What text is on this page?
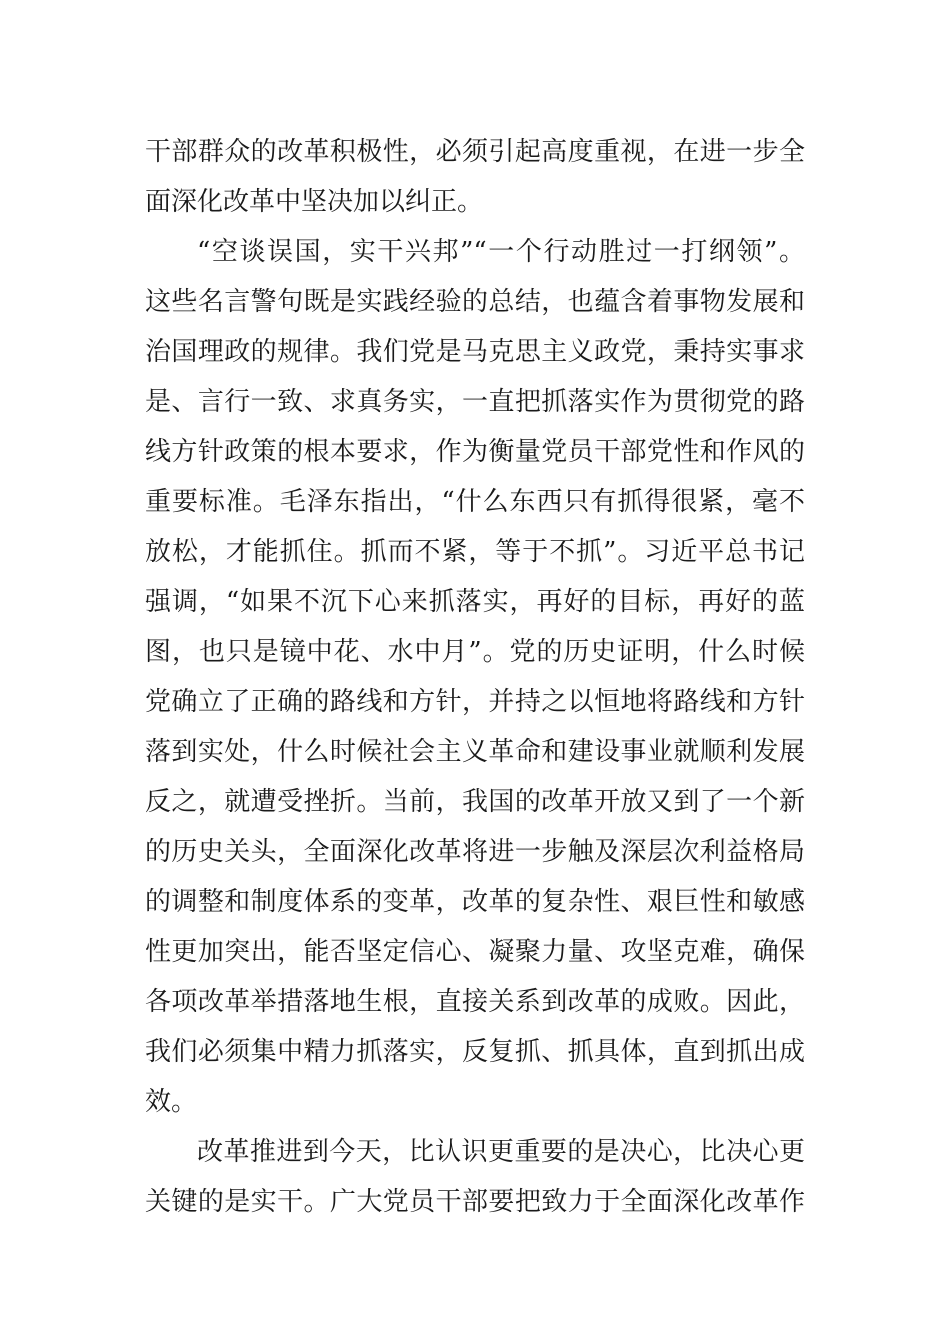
干部群众的改革积极性，必须引起高度重视，在进一步全
面深化改革中坚决加以纠正。
“空谈误国，实干兴邦”“一个行动胜过一打纲领”。
这些名言警句既是实践经验的总结，也蕴含着事物发展和
治国理政的规律。我们党是马克思主义政党，秉持实事求
是、言行一致、求真务实，一直把抓落实作为贯彻党的路
线方针政策的根本要求，作为衡量党员干部党性和作风的
重要标准。毛泽东指出，“什么东西只有抓得很紧，毫不
放松，才能抓住。抓而不紧，等于不抓”。习近平总书记
强调，“如果不沉下心来抓落实，再好的目标，再好的蓝
图，也只是镜中花、水中月”。党的历史证明，什么时候
党确立了正确的路线和方针，并持之以恒地将路线和方针
落到实处，什么时候社会主义革命和建设事业就顺利发展
反之，就遭受挫折。当前，我国的改革开放又到了一个新
的历史关头，全面深化改革将进一步触及深层次利益格局
的调整和制度体系的变革，改革的复杂性、艰巨性和敏感
性更加突出，能否坚定信心、凝聚力量、攻坚克难，确保
各项改革举措落地生根，直接关系到改革的成败。因此，
我们必须集中精力抓落实，反复抓、抓具体，直到抓出成
效。
改革推进到今天，比认识更重要的是决心，比决心更
关键的是实干。广大党员干部要把致力于全面深化改革作
